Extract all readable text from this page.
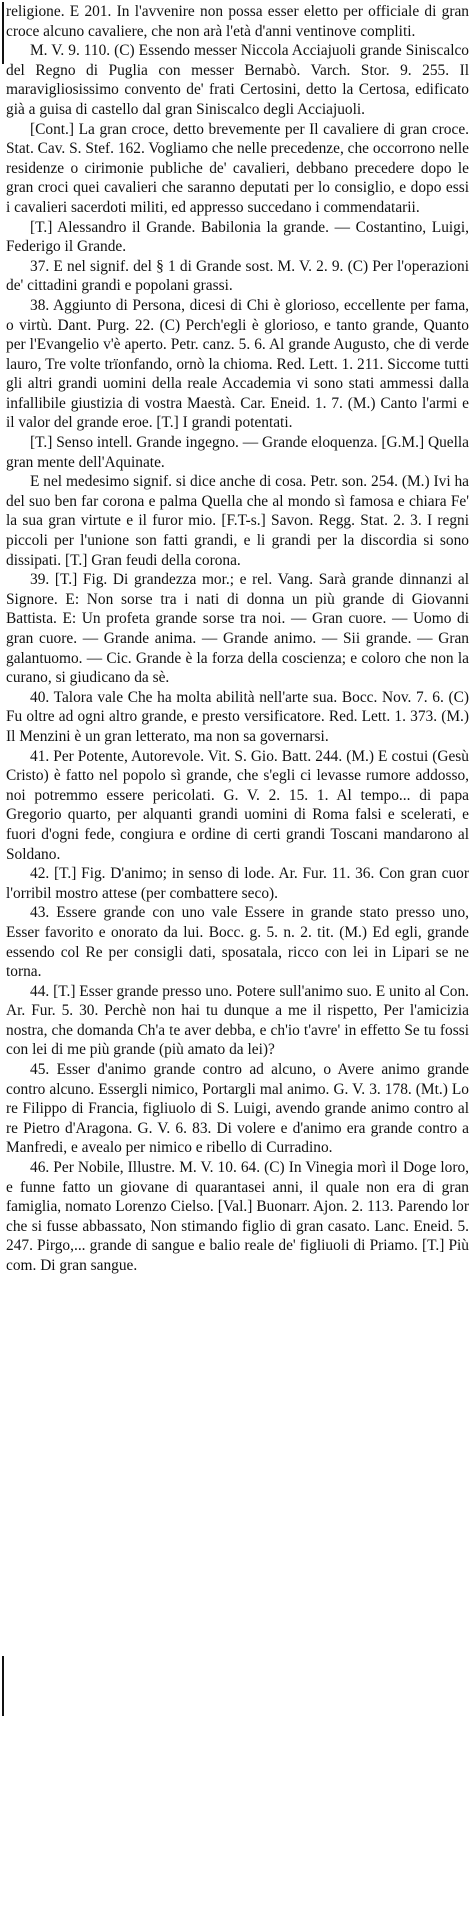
religione. E 201. In l'avvenire non possa esser eletto per officiale di gran croce alcuno cavaliere, che non arà l'età d'anni ventinove compliti.

M. V. 9. 110. (C) Essendo messer Niccola Acciajuoli grande Siniscalco del Regno di Puglia con messer Bernabò. Varch. Stor. 9. 255. Il maravigliosissimo convento de' frati Certosini, detto la Certosa, edificato già a guisa di castello dal gran Siniscalco degli Acciajuoli.

[Cont.] La gran croce, detto brevemente per Il cavaliere di gran croce. Stat. Cav. S. Stef. 162. Vogliamo che nelle precedenze, che occorrono nelle residenze o cirimonie publiche de' cavalieri, debbano precedere dopo le gran croci quei cavalieri che saranno deputati per lo consiglio, e dopo essi i cavalieri sacerdoti militi, ed appresso succedano i commendatarii.

[T.] Alessandro il Grande. Babilonia la grande. — Costantino, Luigi, Federigo il Grande.

37. E nel signif. del § 1 di Grande sost. M. V. 2. 9. (C) Per l'operazioni de' cittadini grandi e popolani grassi.

38. Aggiunto di Persona, dicesi di Chi è glorioso, eccellente per fama, o virtù. Dant. Purg. 22. (C) Perch'egli è glorioso, e tanto grande, Quanto per l'Evangelio v'è aperto. Petr. canz. 5. 6. Al grande Augusto, che di verde lauro, Tre volte trïonfando, ornò la chioma. Red. Lett. 1. 211. Siccome tutti gli altri grandi uomini della reale Accademia vi sono stati ammessi dalla infallibile giustizia di vostra Maestà. Car. Eneid. 1. 7. (M.) Canto l'armi e il valor del grande eroe. [T.] I grandi potentati.

[T.] Senso intell. Grande ingegno. — Grande eloquenza. [G.M.] Quella gran mente dell'Aquinate.

E nel medesimo signif. si dice anche di cosa. Petr. son. 254. (M.) Ivi ha del suo ben far corona e palma Quella che al mondo sì famosa e chiara Fe' la sua gran virtute e il furor mio. [F.T-s.] Savon. Regg. Stat. 2. 3. I regni piccoli per l'unione son fatti grandi, e li grandi per la discordia si sono dissipati. [T.] Gran feudi della corona.

39. [T.] Fig. Di grandezza mor.; e rel. Vang. Sarà grande dinnanzi al Signore. E: Non sorse tra i nati di donna un più grande di Giovanni Battista. E: Un profeta grande sorse tra noi. — Gran cuore. — Uomo di gran cuore. — Grande anima. — Grande animo. — Sii grande. — Gran galantuomo. — Cic. Grande è la forza della coscienza; e coloro che non la curano, si giudicano da sè.

40. Talora vale Che ha molta abilità nell'arte sua. Bocc. Nov. 7. 6. (C) Fu oltre ad ogni altro grande, e presto versificatore. Red. Lett. 1. 373. (M.) Il Menzini è un gran letterato, ma non sa governarsi.

41. Per Potente, Autorevole. Vit. S. Gio. Batt. 244. (M.) E costui (Gesù Cristo) è fatto nel popolo sì grande, che s'egli ci levasse rumore addosso, noi potremmo essere pericolati. G. V. 2. 15. 1. Al tempo... di papa Gregorio quarto, per alquanti grandi uomini di Roma falsi e scelerati, e fuori d'ogni fede, congiura e ordine di certi grandi Toscani mandarono al Soldano.

42. [T.] Fig. D'animo; in senso di lode. Ar. Fur. 11. 36. Con gran cuor l'orribil mostro attese (per combattere seco).

43. Essere grande con uno vale Essere in grande stato presso uno, Esser favorito e onorato da lui. Bocc. g. 5. n. 2. tit. (M.) Ed egli, grande essendo col Re per consigli dati, sposatala, ricco con lei in Lipari se ne torna.

44. [T.] Esser grande presso uno. Potere sull'animo suo. E unito al Con. Ar. Fur. 5. 30. Perchè non hai tu dunque a me il rispetto, Per l'amicizia nostra, che domanda Ch'a te aver debba, e ch'io t'avre' in effetto Se tu fossi con lei di me più grande (più amato da lei)?

45. Esser d'animo grande contro ad alcuno, o Avere animo grande contro alcuno. Essergli nimico, Portargli mal animo. G. V. 3. 178. (Mt.) Lo re Filippo di Francia, figliuolo di S. Luigi, avendo grande animo contro al re Pietro d'Aragona. G. V. 6. 83. Di volere e d'animo era grande contro a Manfredi, e avealo per nimico e ribello di Curradino.

46. Per Nobile, Illustre. M. V. 10. 64. (C) In Vinegia morì il Doge loro, e funne fatto un giovane di quarantasei anni, il quale non era di gran famiglia, nomato Lorenzo Cielso. [Val.] Buonarr. Ajon. 2. 113. Parendo lor che si fusse abbassato, Non stimando figlio di gran casato. Lanc. Eneid. 5. 247. Pirgo,... grande di sangue e balio reale de' figliuoli di Priamo. [T.] Più com. Di gran sangue.
